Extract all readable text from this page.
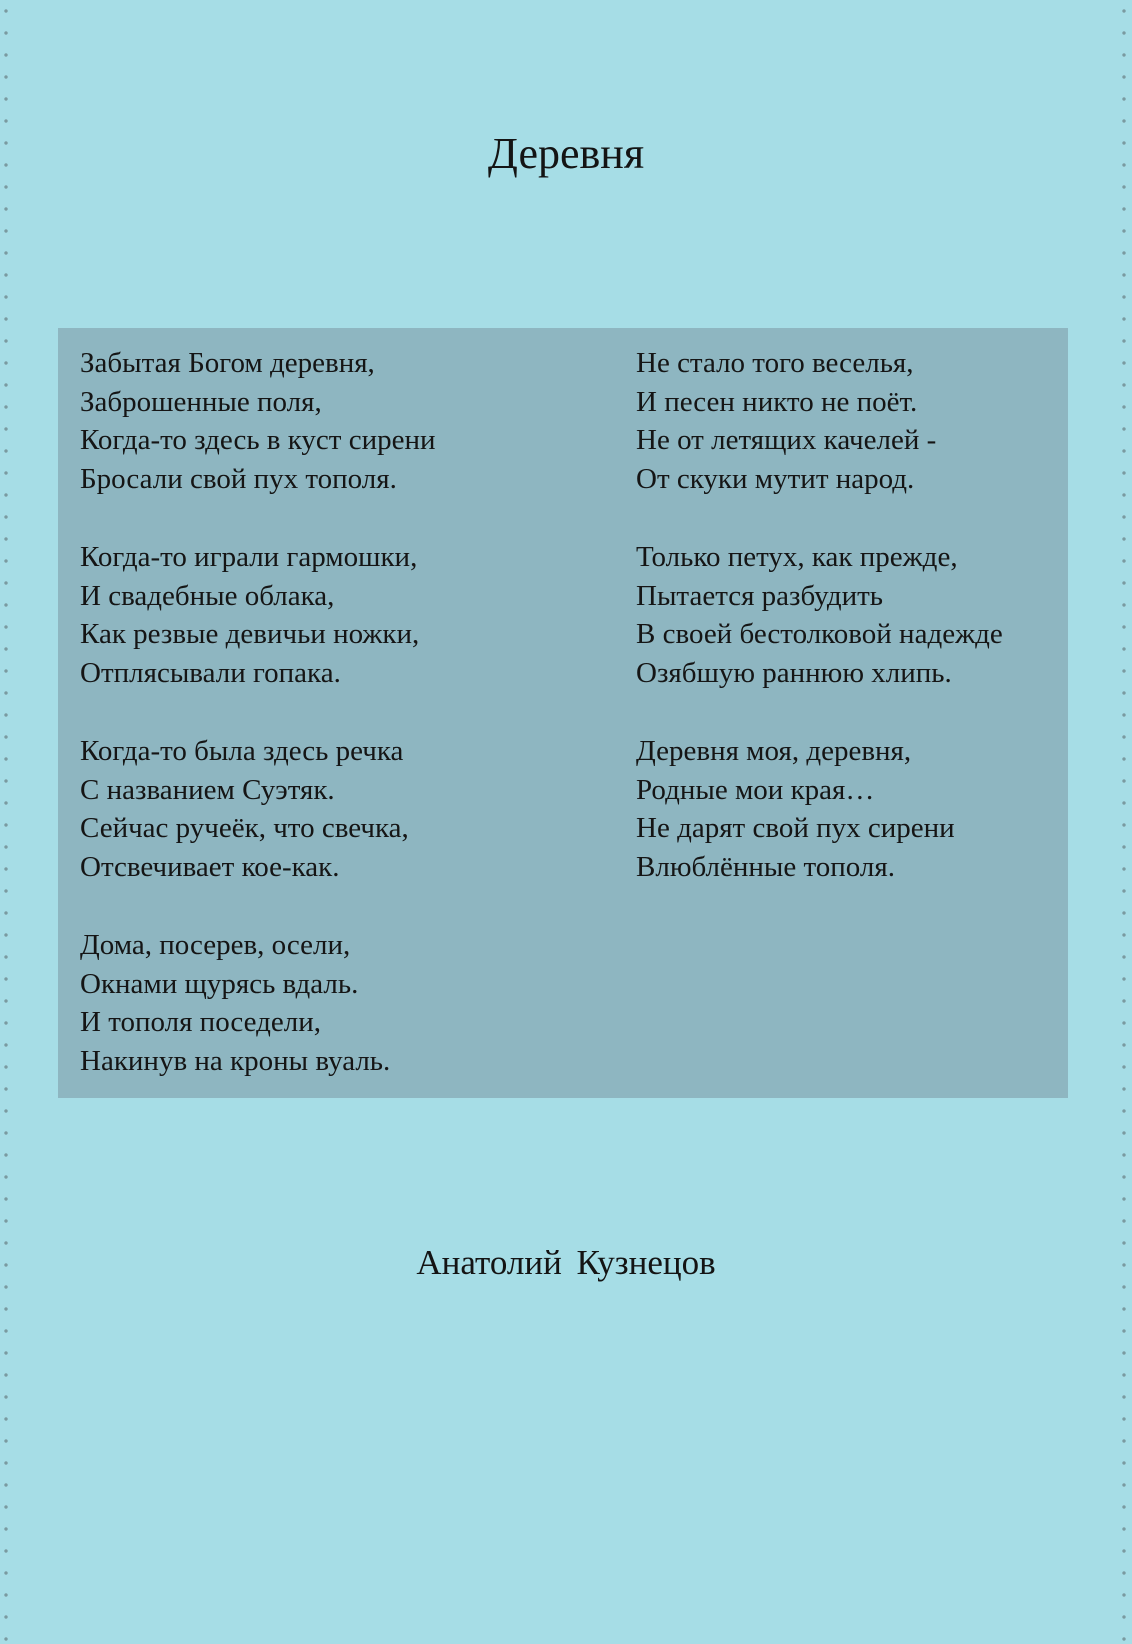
Деревня
Забытая Богом деревня,
Заброшенные поля,
Когда-то здесь в куст сирени
Бросали свой пух тополя.
Когда-то играли гармошки,
И свадебные облака,
Как резвые девичьи ножки,
Отплясывали гопака.
Когда-то была здесь речка
С названием Суэтяк.
Сейчас ручеёк, что свечка,
Отсвечивает кое-как.
Дома, посерев, осели,
Окнами щурясь вдаль.
И тополя поседели,
Накинув на кроны вуаль.
Не стало того веселья,
И песен никто не поёт.
Не от летящих качелей -
От скуки мутит народ.
Только петух, как прежде,
Пытается разбудить
В своей бестолковой надежде
Озябшую раннюю хлипь.
Деревня моя, деревня,
Родные мои края…
Не дарят свой пух сирени
Влюблённые тополя.
Анатолий Кузнецов
